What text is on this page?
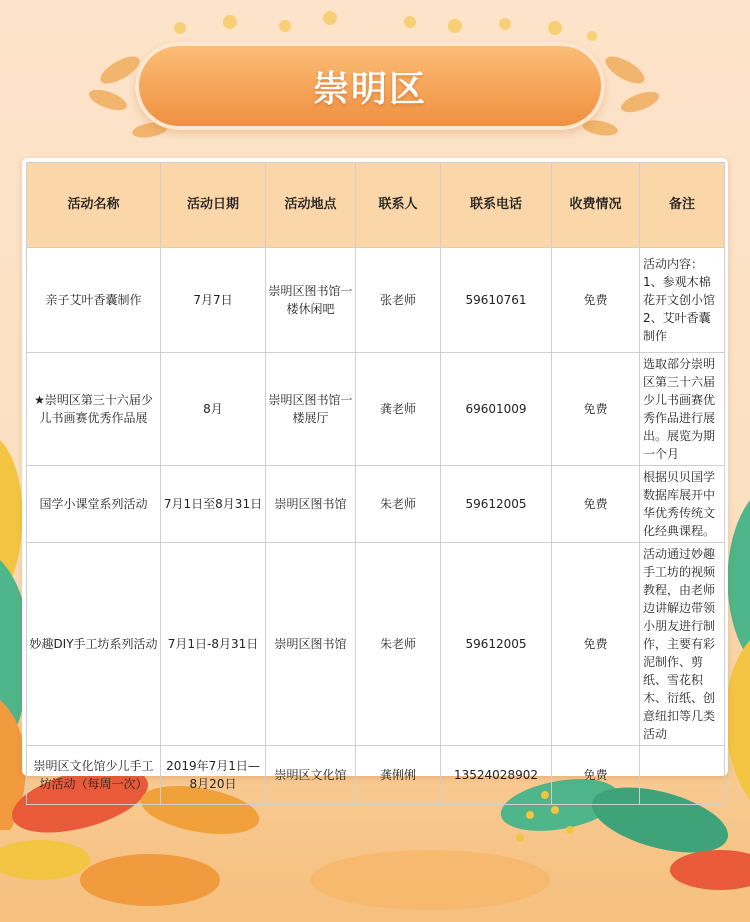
崇明区
活动名称	活动日期	活动地点	联系人	联系电话	收费情况	备注
亲子艾叶香囊制作	7月7日	崇明区图书馆一楼休闲吧	张老师	59610761	免费	活动内容：1、参观木棉花开文创小馆 2、艾叶香囊制作
★崇明区第三十六届少儿书画赛优秀作品展	8月	崇明区图书馆一楼展厅	龚老师	69601009	免费	选取部分崇明区第三十六届少儿书画赛优秀作品进行展出。展览为期一个月
国学小课堂系列活动	7月1日至8月31日	崇明区图书馆	朱老师	59612005	免费	根据贝贝国学数据库展开中华优秀传统文化经典课程。
妙趣DIY手工坊系列活动	7月1日-8月31日	崇明区图书馆	朱老师	59612005	免费	活动通过妙趣手工坊的视频教程，由老师边讲解边带领小朋友进行制作，主要有彩泥制作、剪纸、雪花积木、衍纸、创意纽扣等几类活动
崇明区文化馆少儿手工坊活动（每周一次）	2019年7月1日—8月20日	崇明区文化馆	龚俐俐	13524028902	免费	
